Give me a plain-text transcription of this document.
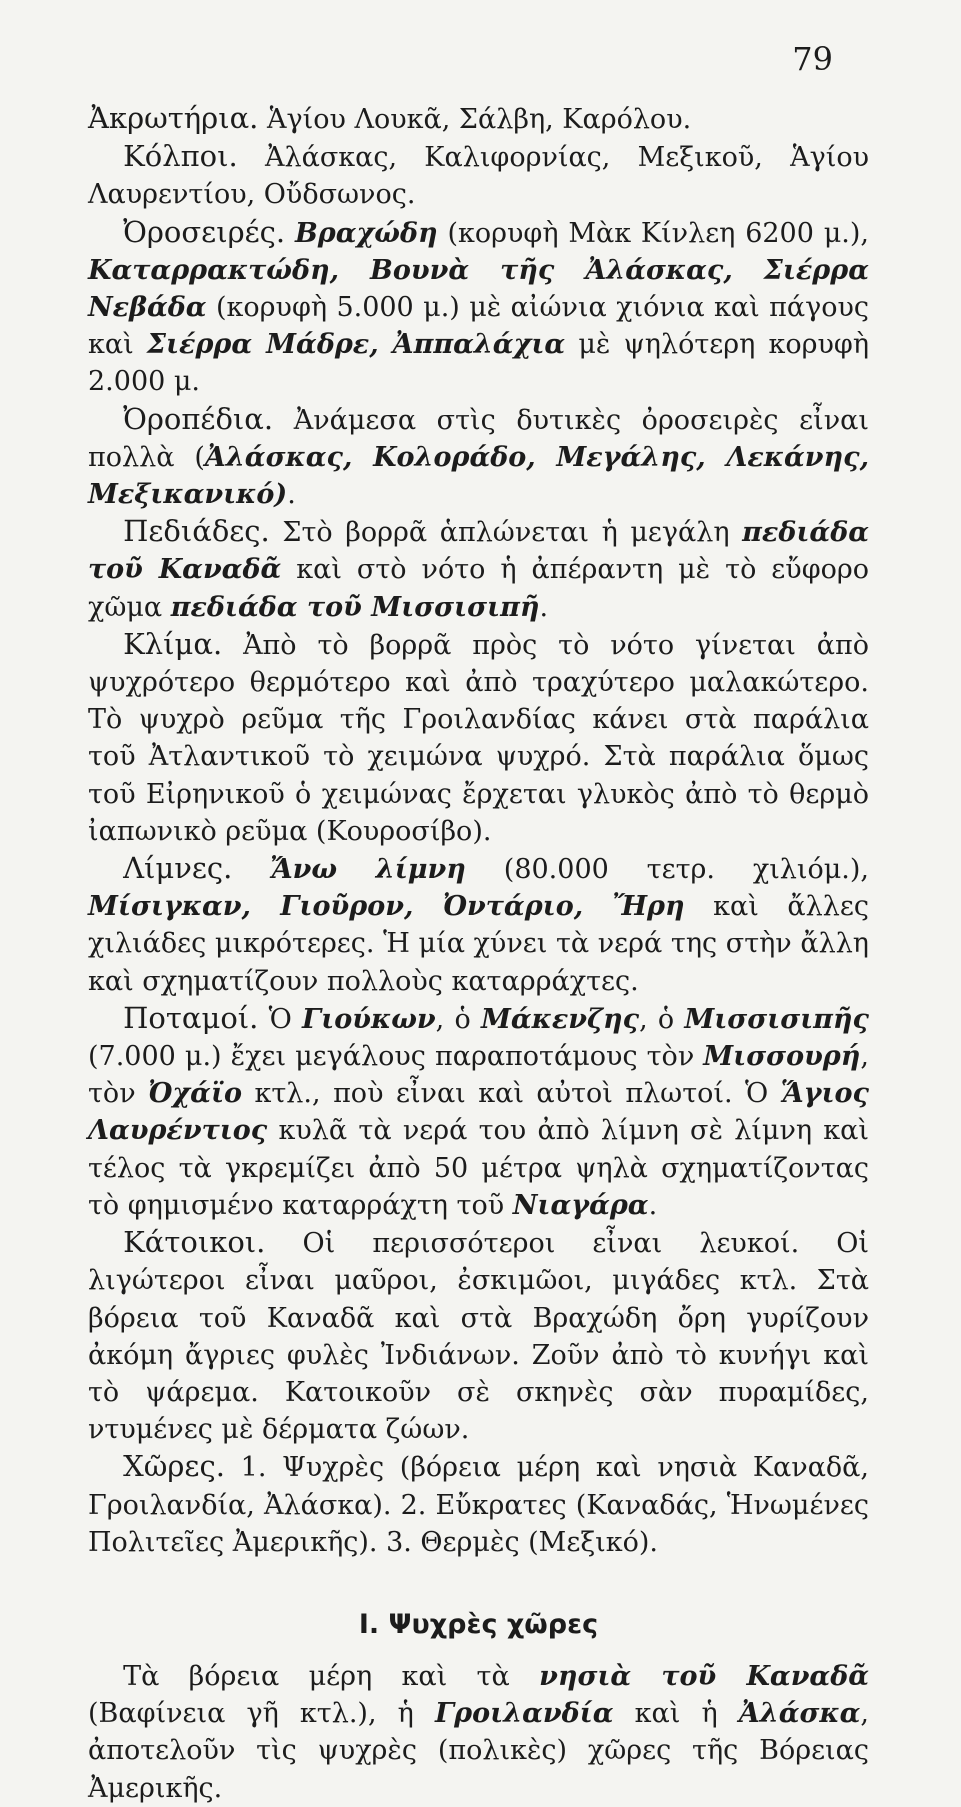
79

Ἀκρωτήρια. Ἁγίου Λουκᾶ, Σάλβη, Καρόλου.

Κόλποι. Ἀλάσκας, Καλιφορνίας, Μεξικοῦ, Ἁγίου Λαυρεντίου, Οὔδσωνος.

Ὀροσειρές. Βραχώδη (κορυφὴ Μὰκ Κίνλεη 6200 μ.), Καταρρακτώδη, Βουνὰ τῆς Ἀλάσκας, Σιέρρα Νεβάδα (κορυφὴ 5.000 μ.) μὲ αἰώνια χιόνια καὶ πάγους καὶ Σιέρρα Μάδρε, Ἀππαλάχια μὲ ψηλότερη κορυφὴ 2.000 μ.

Ὀροπέδια. Ἀνάμεσα στὶς δυτικὲς ὀροσειρὲς εἶναι πολλὰ (Ἀλάσκας, Κολοράδο, Μεγάλης, Λεκάνης, Μεξικανικό).

Πεδιάδες. Στὸ βορρᾶ ἁπλώνεται ἡ μεγάλη πεδιάδα τοῦ Καναδᾶ καὶ στὸ νότο ἡ ἀπέραντη μὲ τὸ εὔφορο χῶμα πεδιάδα τοῦ Μισσισιπῆ.

Κλίμα. Ἀπὸ τὸ βορρᾶ πρὸς τὸ νότο γίνεται ἀπὸ ψυχρότερο θερμότερο καὶ ἀπὸ τραχύτερο μαλακώτερο. Τὸ ψυχρὸ ρεῦμα τῆς Γροιλανδίας κάνει στὰ παράλια τοῦ Ἀτλαντικοῦ τὸ χειμώνα ψυχρό. Στὰ παράλια ὅμως τοῦ Εἰρηνικοῦ ὁ χειμώνας ἔρχεται γλυκὸς ἀπὸ τὸ θερμὸ ἰαπωνικὸ ρεῦμα (Κουροσίβο).

Λίμνες. Ἄνω λίμνη (80.000 τετρ. χιλιόμ.), Μίσιγκαν, Γιοῦρον, Ὀντάριο, Ἤρη καὶ ἄλλες χιλιάδες μικρότερες. Ἡ μία χύνει τὰ νερά της στὴν ἄλλη καὶ σχηματίζουν πολλοὺς καταρράχτες.

Ποταμοί. Ὁ Γιούκων, ὁ Μάκενζης, ὁ Μισσισιπῆς (7.000 μ.) ἔχει μεγάλους παραποτάμους τὸν Μισσουρή, τὸν Ὀχάϊο κτλ., ποὺ εἶναι καὶ αὐτοὶ πλωτοί. Ὁ Ἅγιος Λαυρέντιος κυλᾶ τὰ νερά του ἀπὸ λίμνη σὲ λίμνη καὶ τέλος τὰ γκρεμίζει ἀπὸ 50 μέτρα ψηλὰ σχηματίζοντας τὸ φημισμένο καταρράχτη τοῦ Νιαγάρα.

Κάτοικοι. Οἱ περισσότεροι εἶναι λευκοί. Οἱ λιγώτεροι εἶναι μαῦροι, ἐσκιμῶοι, μιγάδες κτλ. Στὰ βόρεια τοῦ Καναδᾶ καὶ στὰ Βραχώδη ὄρη γυρίζουν ἀκόμη ἄγριες φυλὲς Ἰνδιάνων. Ζοῦν ἀπὸ τὸ κυνήγι καὶ τὸ ψάρεμα. Κατοικοῦν σὲ σκηνὲς σὰν πυραμίδες, ντυμένες μὲ δέρματα ζώων.

Χῶρες. 1. Ψυχρὲς (βόρεια μέρη καὶ νησιὰ Καναδᾶ, Γροιλανδία, Ἀλάσκα). 2. Εὔκρατες (Καναδάς, Ἡνωμένες Πολιτεῖες Ἀμερικῆς). 3. Θερμὲς (Μεξικό).

Ι. Ψυχρὲς χῶρες

Τὰ βόρεια μέρη καὶ τὰ νησιὰ τοῦ Καναδᾶ (Βαφίνεια γῆ κτλ.), ἡ Γροιλανδία καὶ ἡ Ἀλάσκα, ἀποτελοῦν τὶς ψυχρὲς (πολικὲς) χῶρες τῆς Βόρειας Ἀμερικῆς.
